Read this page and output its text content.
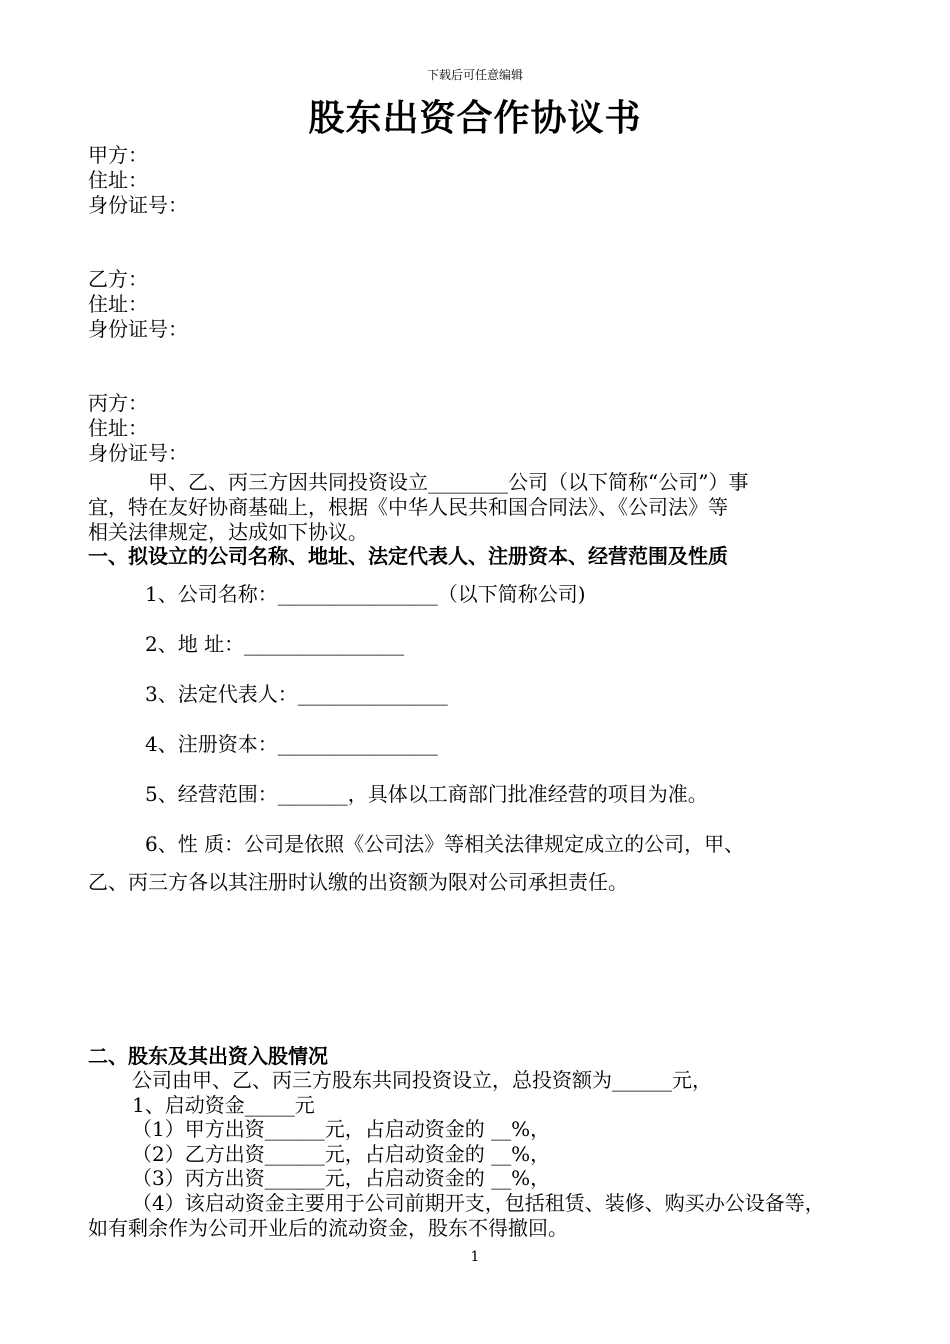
下载后可任意编辑
股东出资合作协议书
甲方：
住址：
身份证号：
乙方：
住址：
身份证号：
丙方：
住址：
身份证号：
甲、乙、丙三方因共同投资设立________公司（以下简称“公司”）事
宜，特在友好协商基础上，根据《中华人民共和国合同法》、《公司法》等
相关法律规定，达成如下协议。
一、拟设立的公司名称、地址、法定代表人、注册资本、经营范围及性质
1、公司名称：________________（以下简称公司)
2、地 址：________________
3、法定代表人：_______________
4、注册资本：________________
5、经营范围：_______，具体以工商部门批准经营的项目为准。
6、性 质：公司是依照《公司法》等相关法律规定成立的公司，甲、
乙、丙三方各以其注册时认缴的出资额为限对公司承担责任。
二、股东及其出资入股情况
公司由甲、乙、丙三方股东共同投资设立，总投资额为______元，
1、启动资金_____元
（1）甲方出资______元，占启动资金的 __%，
（2）乙方出资______元，占启动资金的 __%，
（3）丙方出资______元，占启动资金的 __%，
（4）该启动资金主要用于公司前期开支，包括租赁、装修、购买办公设备等，
如有剩余作为公司开业后的流动资金，股东不得撤回。
1
